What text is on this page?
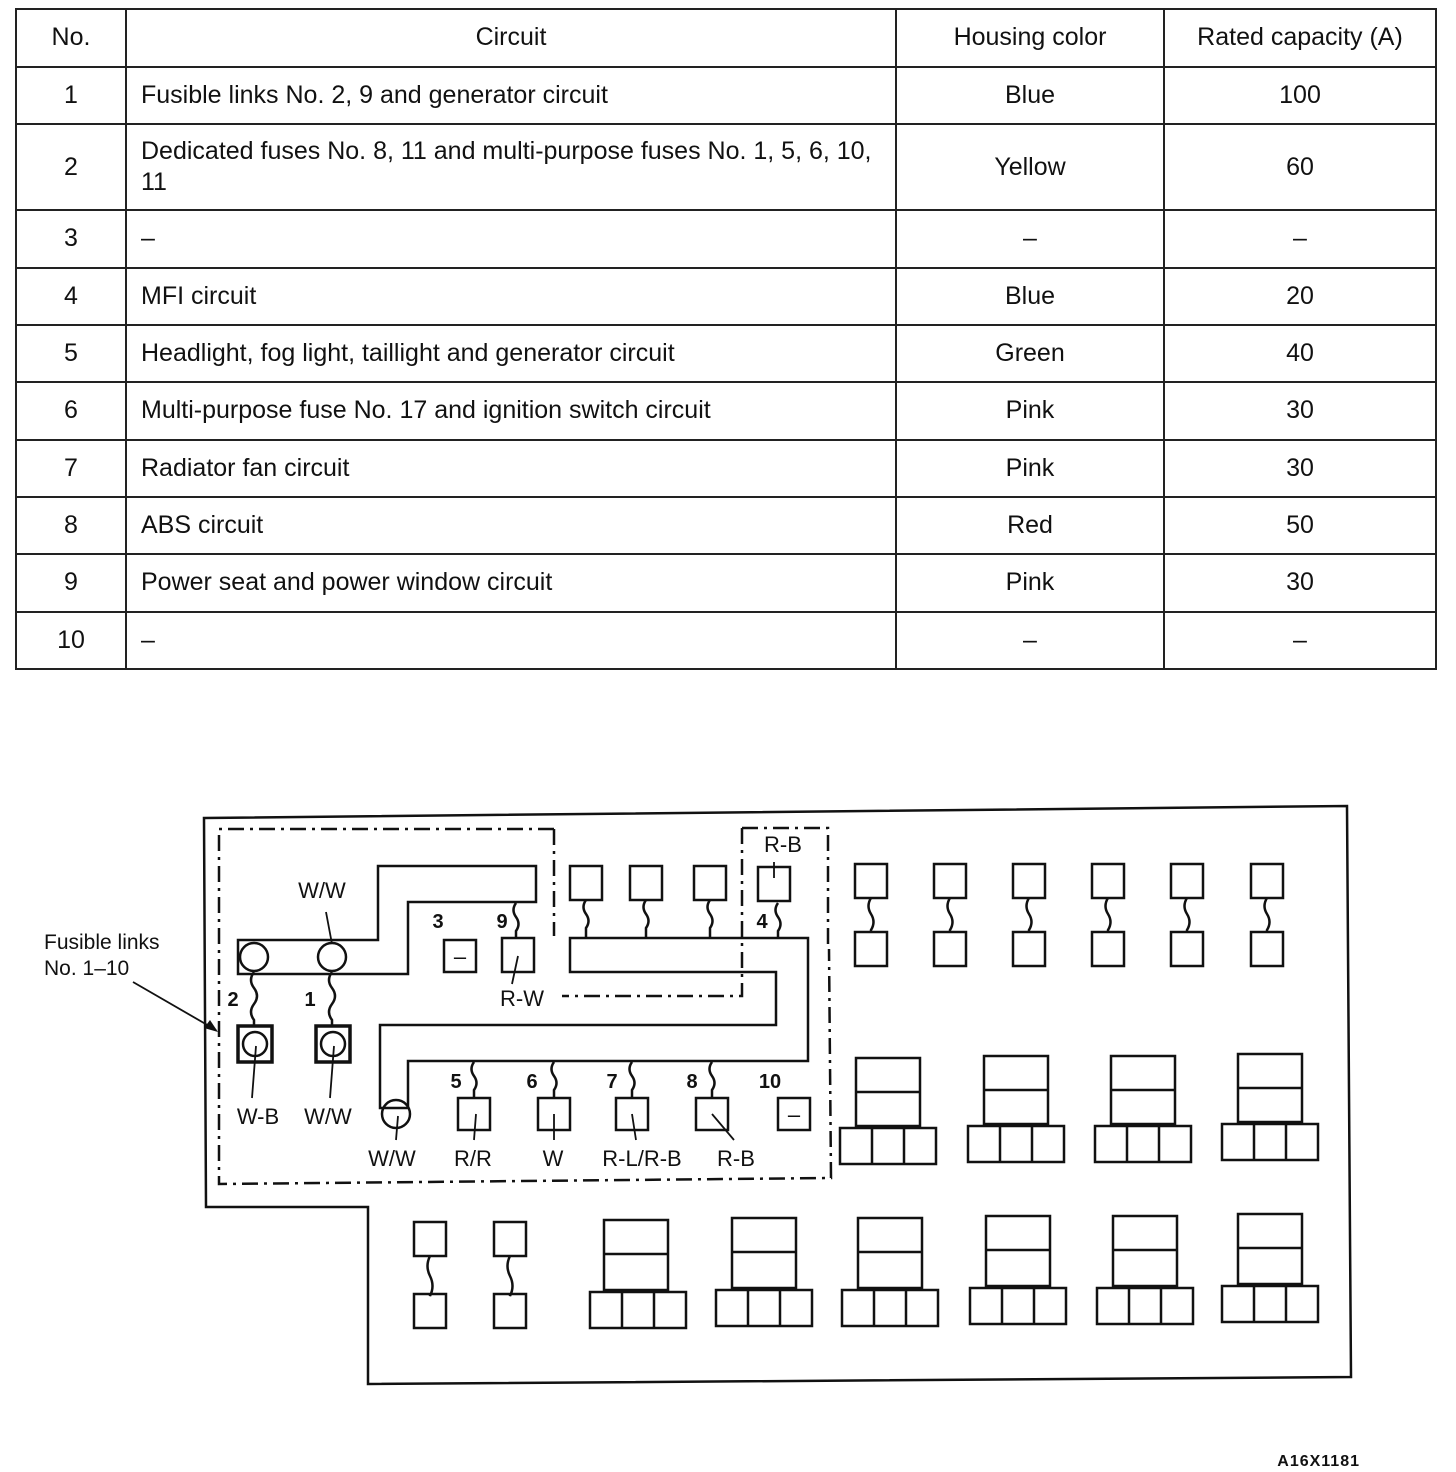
No.	Circuit	Housing color	Rated capacity (A)
1	Fusible links No. 2, 9 and generator circuit	Blue	100
2	Dedicated fuses No. 8, 11 and multi-purpose fuses No. 1, 5, 6, 10, 11	Yellow	60
3	–	–	–
4	MFI circuit	Blue	20
5	Headlight, fog light, taillight and generator circuit	Green	40
6	Multi-purpose fuse No. 17 and ignition switch circuit	Pink	30
7	Radiator fan circuit	Pink	30
8	ABS circuit	Red	50
9	Power seat and power window circuit	Pink	30
10	–	–	–
–
–
1
2
3	4
5	6	7	8
9
10
W/W
W-B W/W
R-W
R-B
W/W R/R W R-L/R-B R-B
Fusible links
No. 1–10
A16X1181
